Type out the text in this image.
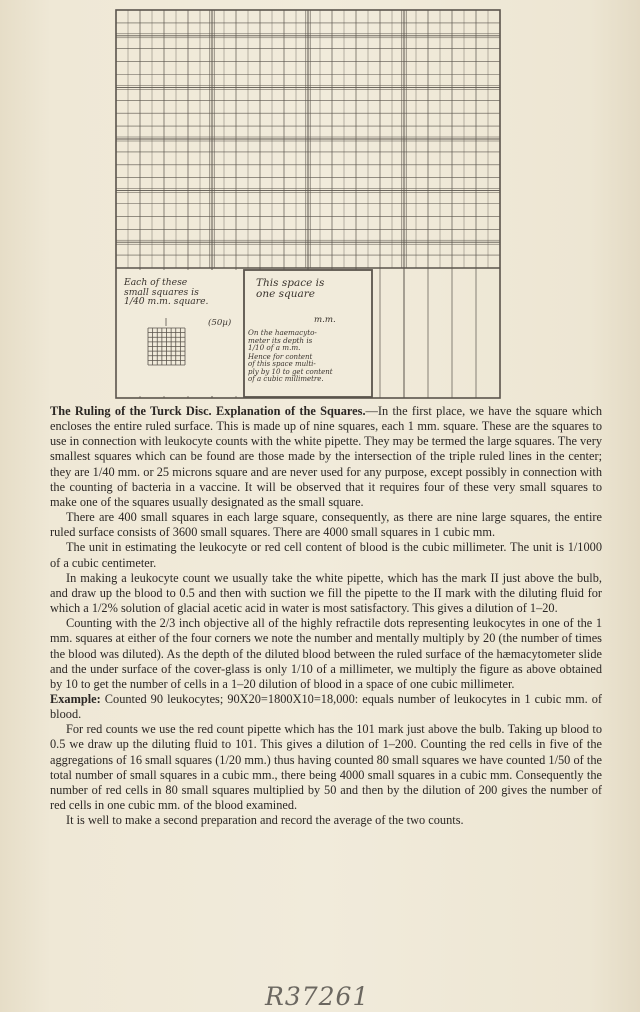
Each of these
small squares is
1/40 m.m. square.
(50µ)
This space is
one square
m.m.
On the haemacyto-
meter its depth is
1/10 of a m.m.
Hence for content
of this space multi-
ply by 10 to get content
of a cubic millimetre.

The Ruling of the Turck Disc. Explanation of the Squares.—In the first place, we have the square which encloses the entire ruled surface. This is made up of nine squares, each 1 mm. square. These are the squares to use in connection with leukocyte counts with the white pipette. They may be termed the large squares. The very smallest squares which can be found are those made by the intersection of the triple ruled lines in the center; they are 1/40 mm. or 25 microns square and are never used for any purpose, except possibly in connection with the counting of bacteria in a vaccine. It will be observed that it requires four of these very small squares to make one of the squares usually designated as the small square.

There are 400 small squares in each large square, consequently, as there are nine large squares, the entire ruled surface consists of 3600 small squares. There are 4000 small squares in 1 cubic mm.

The unit in estimating the leukocyte or red cell content of blood is the cubic millimeter. The unit is 1/1000 of a cubic centimeter.

In making a leukocyte count we usually take the white pipette, which has the mark II just above the bulb, and draw up the blood to 0.5 and then with suction we fill the pipette to the II mark with the diluting fluid for which a 1/2% solution of glacial acetic acid in water is most satisfactory. This gives a dilution of 1–20.

Counting with the 2/3 inch objective all of the highly refractile dots representing leukocytes in one of the 1 mm. squares at either of the four corners we note the number and mentally multiply by 20 (the number of times the blood was diluted). As the depth of the diluted blood between the ruled surface of the hæmacytometer slide and the under surface of the cover-glass is only 1/10 of a millimeter, we multiply the figure as above obtained by 10 to get the number of cells in a 1–20 dilution of blood in a space of one cubic millimeter.

Example: Counted 90 leukocytes; 90X20=1800X10=18,000: equals number of leukocytes in 1 cubic mm. of blood.

For red counts we use the red count pipette which has the 101 mark just above the bulb. Taking up blood to 0.5 we draw up the diluting fluid to 101. This gives a dilution of 1–200. Counting the red cells in five of the aggregations of 16 small squares (1/20 mm.) thus having counted 80 small squares we have counted 1/50 of the total number of small squares in a cubic mm., there being 4000 small squares in a cubic mm. Consequently the number of red cells in 80 small squares multiplied by 50 and then by the dilution of 200 gives the number of red cells in one cubic mm. of the blood examined.

It is well to make a second preparation and record the average of the two counts.

R37261
